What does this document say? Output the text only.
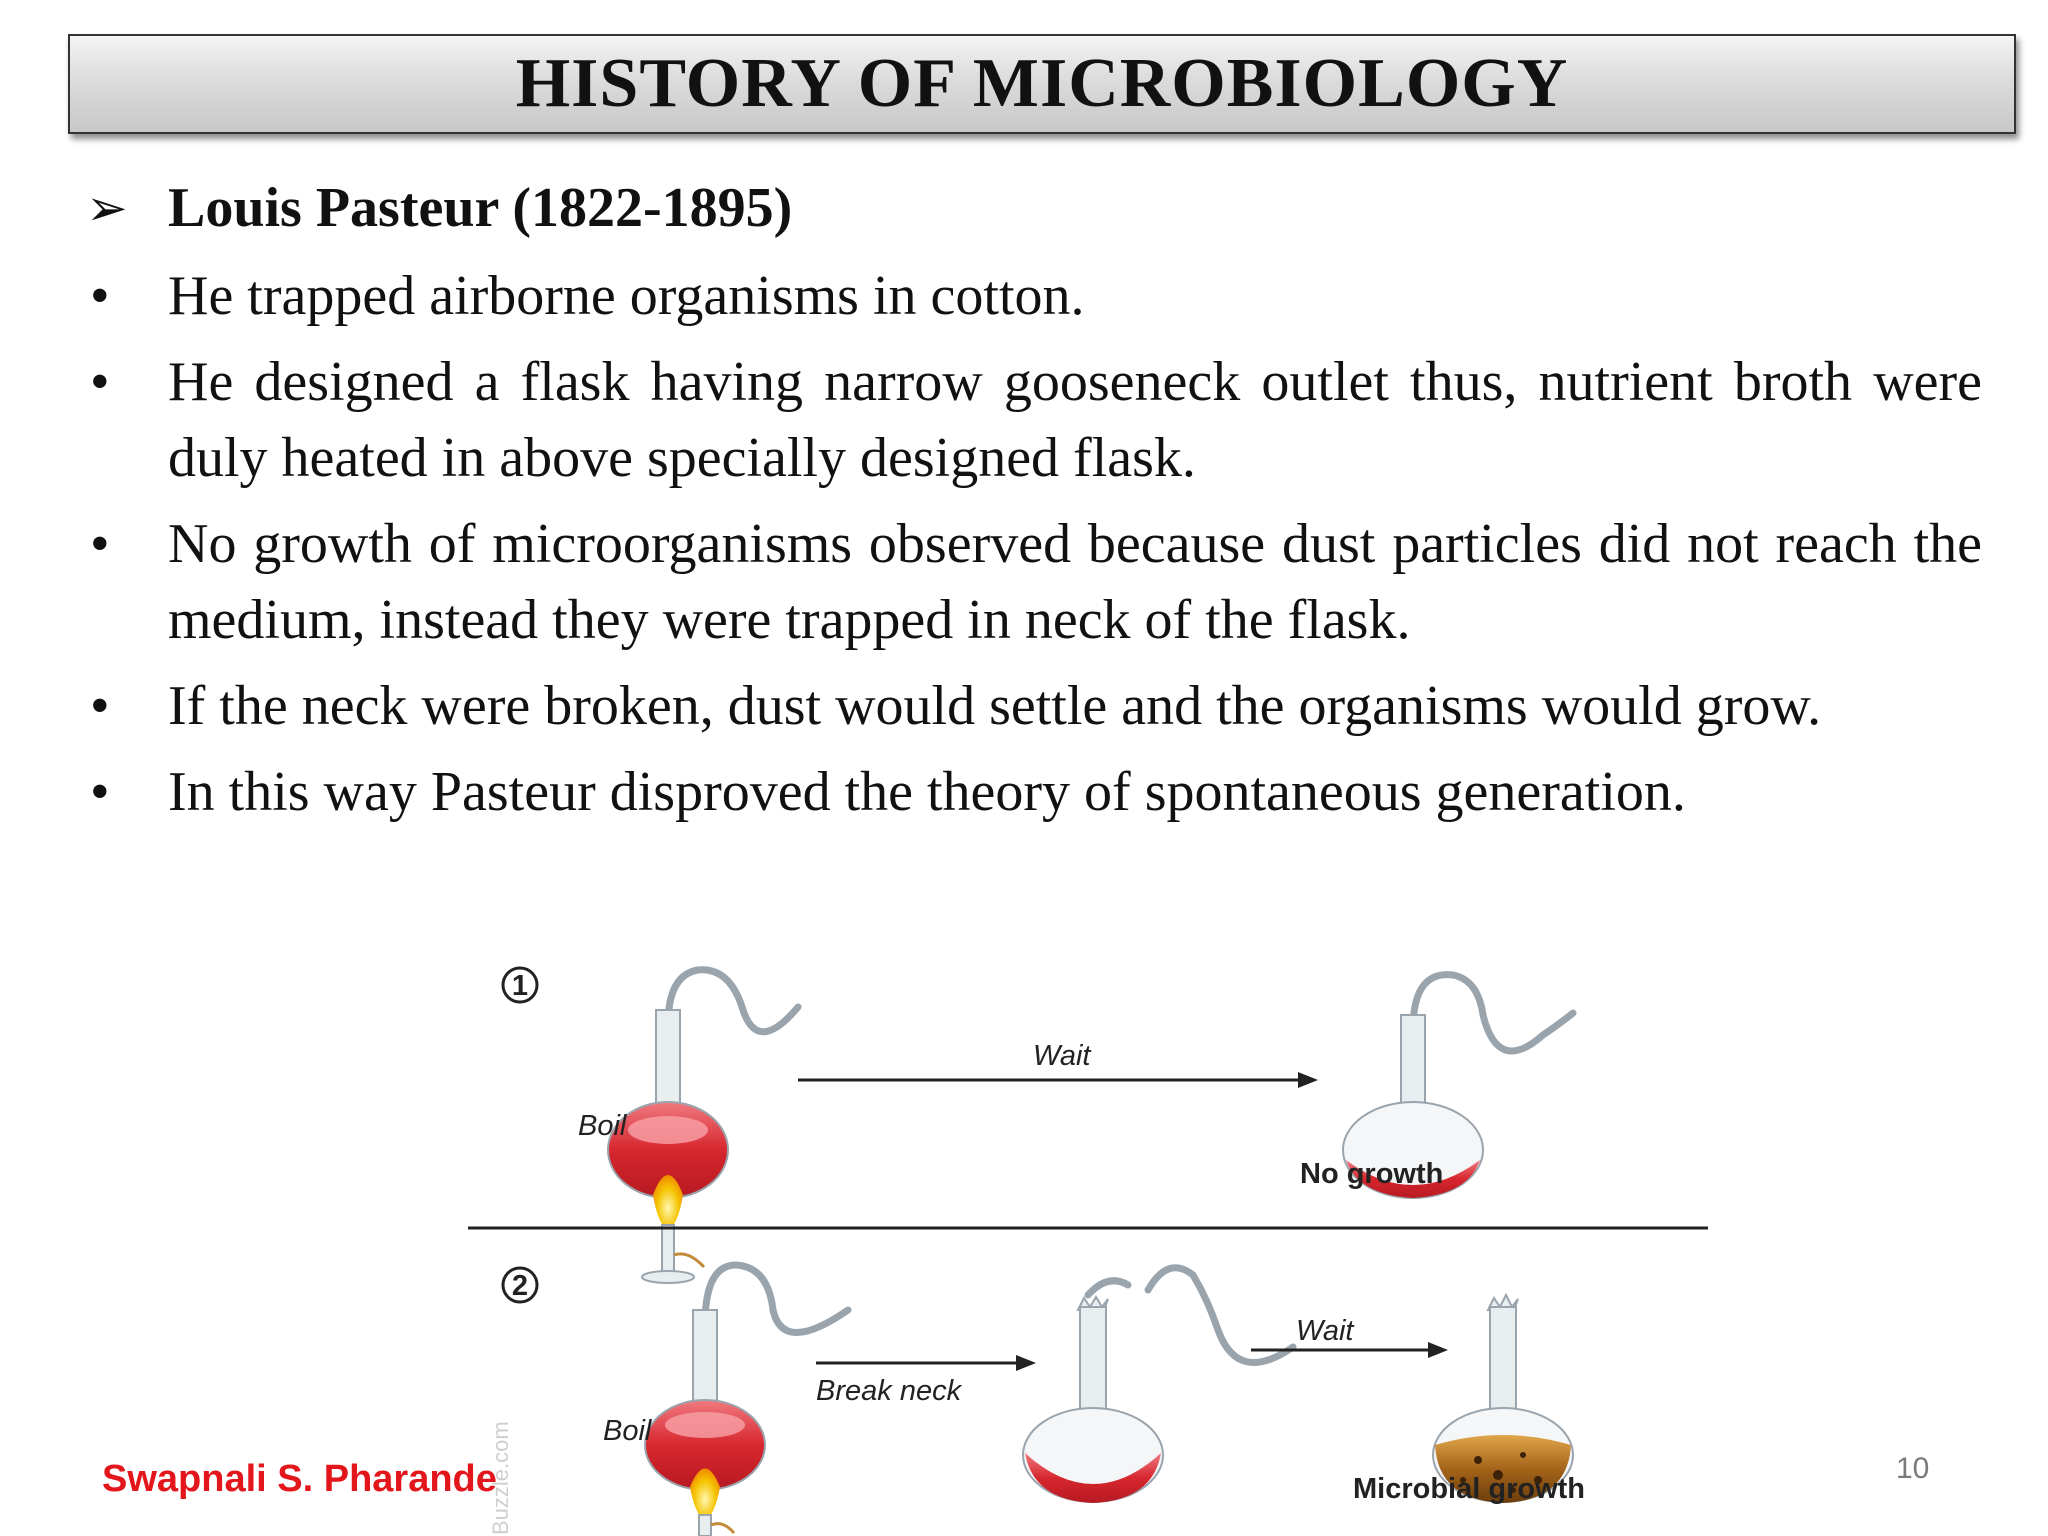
HISTORY OF MICROBIOLOGY
➢ Louis Pasteur (1822-1895)
•	He trapped airborne organisms in cotton.
•	He designed a flask having narrow gooseneck outlet thus, nutrient broth were duly heated in above specially designed flask.
•	No growth of microorganisms observed because dust particles did not reach the medium, instead they were trapped in neck of the flask.
•	If the neck were broken, dust would settle and the organisms would grow.
•	In this way Pasteur disproved the theory of spontaneous generation.
1
Boil
Wait
No growth
2
Boil
Break neck
Wait
Microbial growth
Buzzle.com
Swapnali S. Pharande	10
